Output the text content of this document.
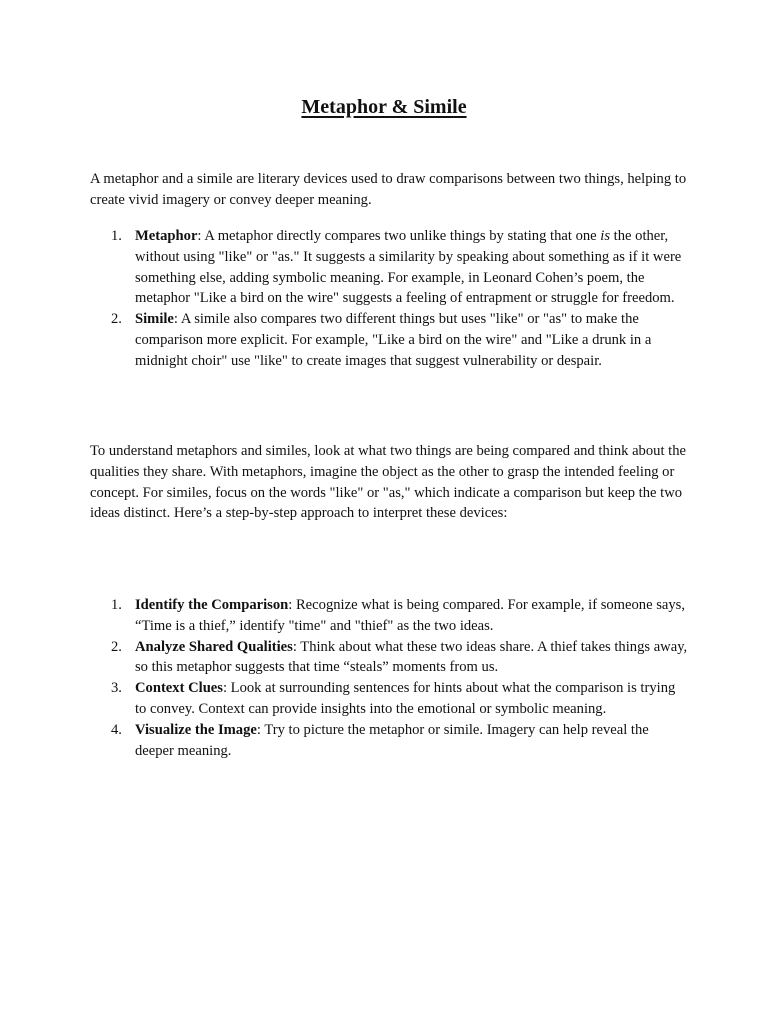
Metaphor & Simile

A metaphor and a simile are literary devices used to draw comparisons between two things, helping to create vivid imagery or convey deeper meaning.

1. Metaphor: A metaphor directly compares two unlike things by stating that one is the other, without using "like" or "as." It suggests a similarity by speaking about something as if it were something else, adding symbolic meaning. For example, in Leonard Cohen’s poem, the metaphor "Like a bird on the wire" suggests a feeling of entrapment or struggle for freedom.
2. Simile: A simile also compares two different things but uses "like" or "as" to make the comparison more explicit. For example, "Like a bird on the wire" and "Like a drunk in a midnight choir" use "like" to create images that suggest vulnerability or despair.

To understand metaphors and similes, look at what two things are being compared and think about the qualities they share. With metaphors, imagine the object as the other to grasp the intended feeling or concept. For similes, focus on the words "like" or "as," which indicate a comparison but keep the two ideas distinct. Here’s a step-by-step approach to interpret these devices:

1. Identify the Comparison: Recognize what is being compared. For example, if someone says, “Time is a thief,” identify "time" and "thief" as the two ideas.
2. Analyze Shared Qualities: Think about what these two ideas share. A thief takes things away, so this metaphor suggests that time “steals” moments from us.
3. Context Clues: Look at surrounding sentences for hints about what the comparison is trying to convey. Context can provide insights into the emotional or symbolic meaning.
4. Visualize the Image: Try to picture the metaphor or simile. Imagery can help reveal the deeper meaning.
